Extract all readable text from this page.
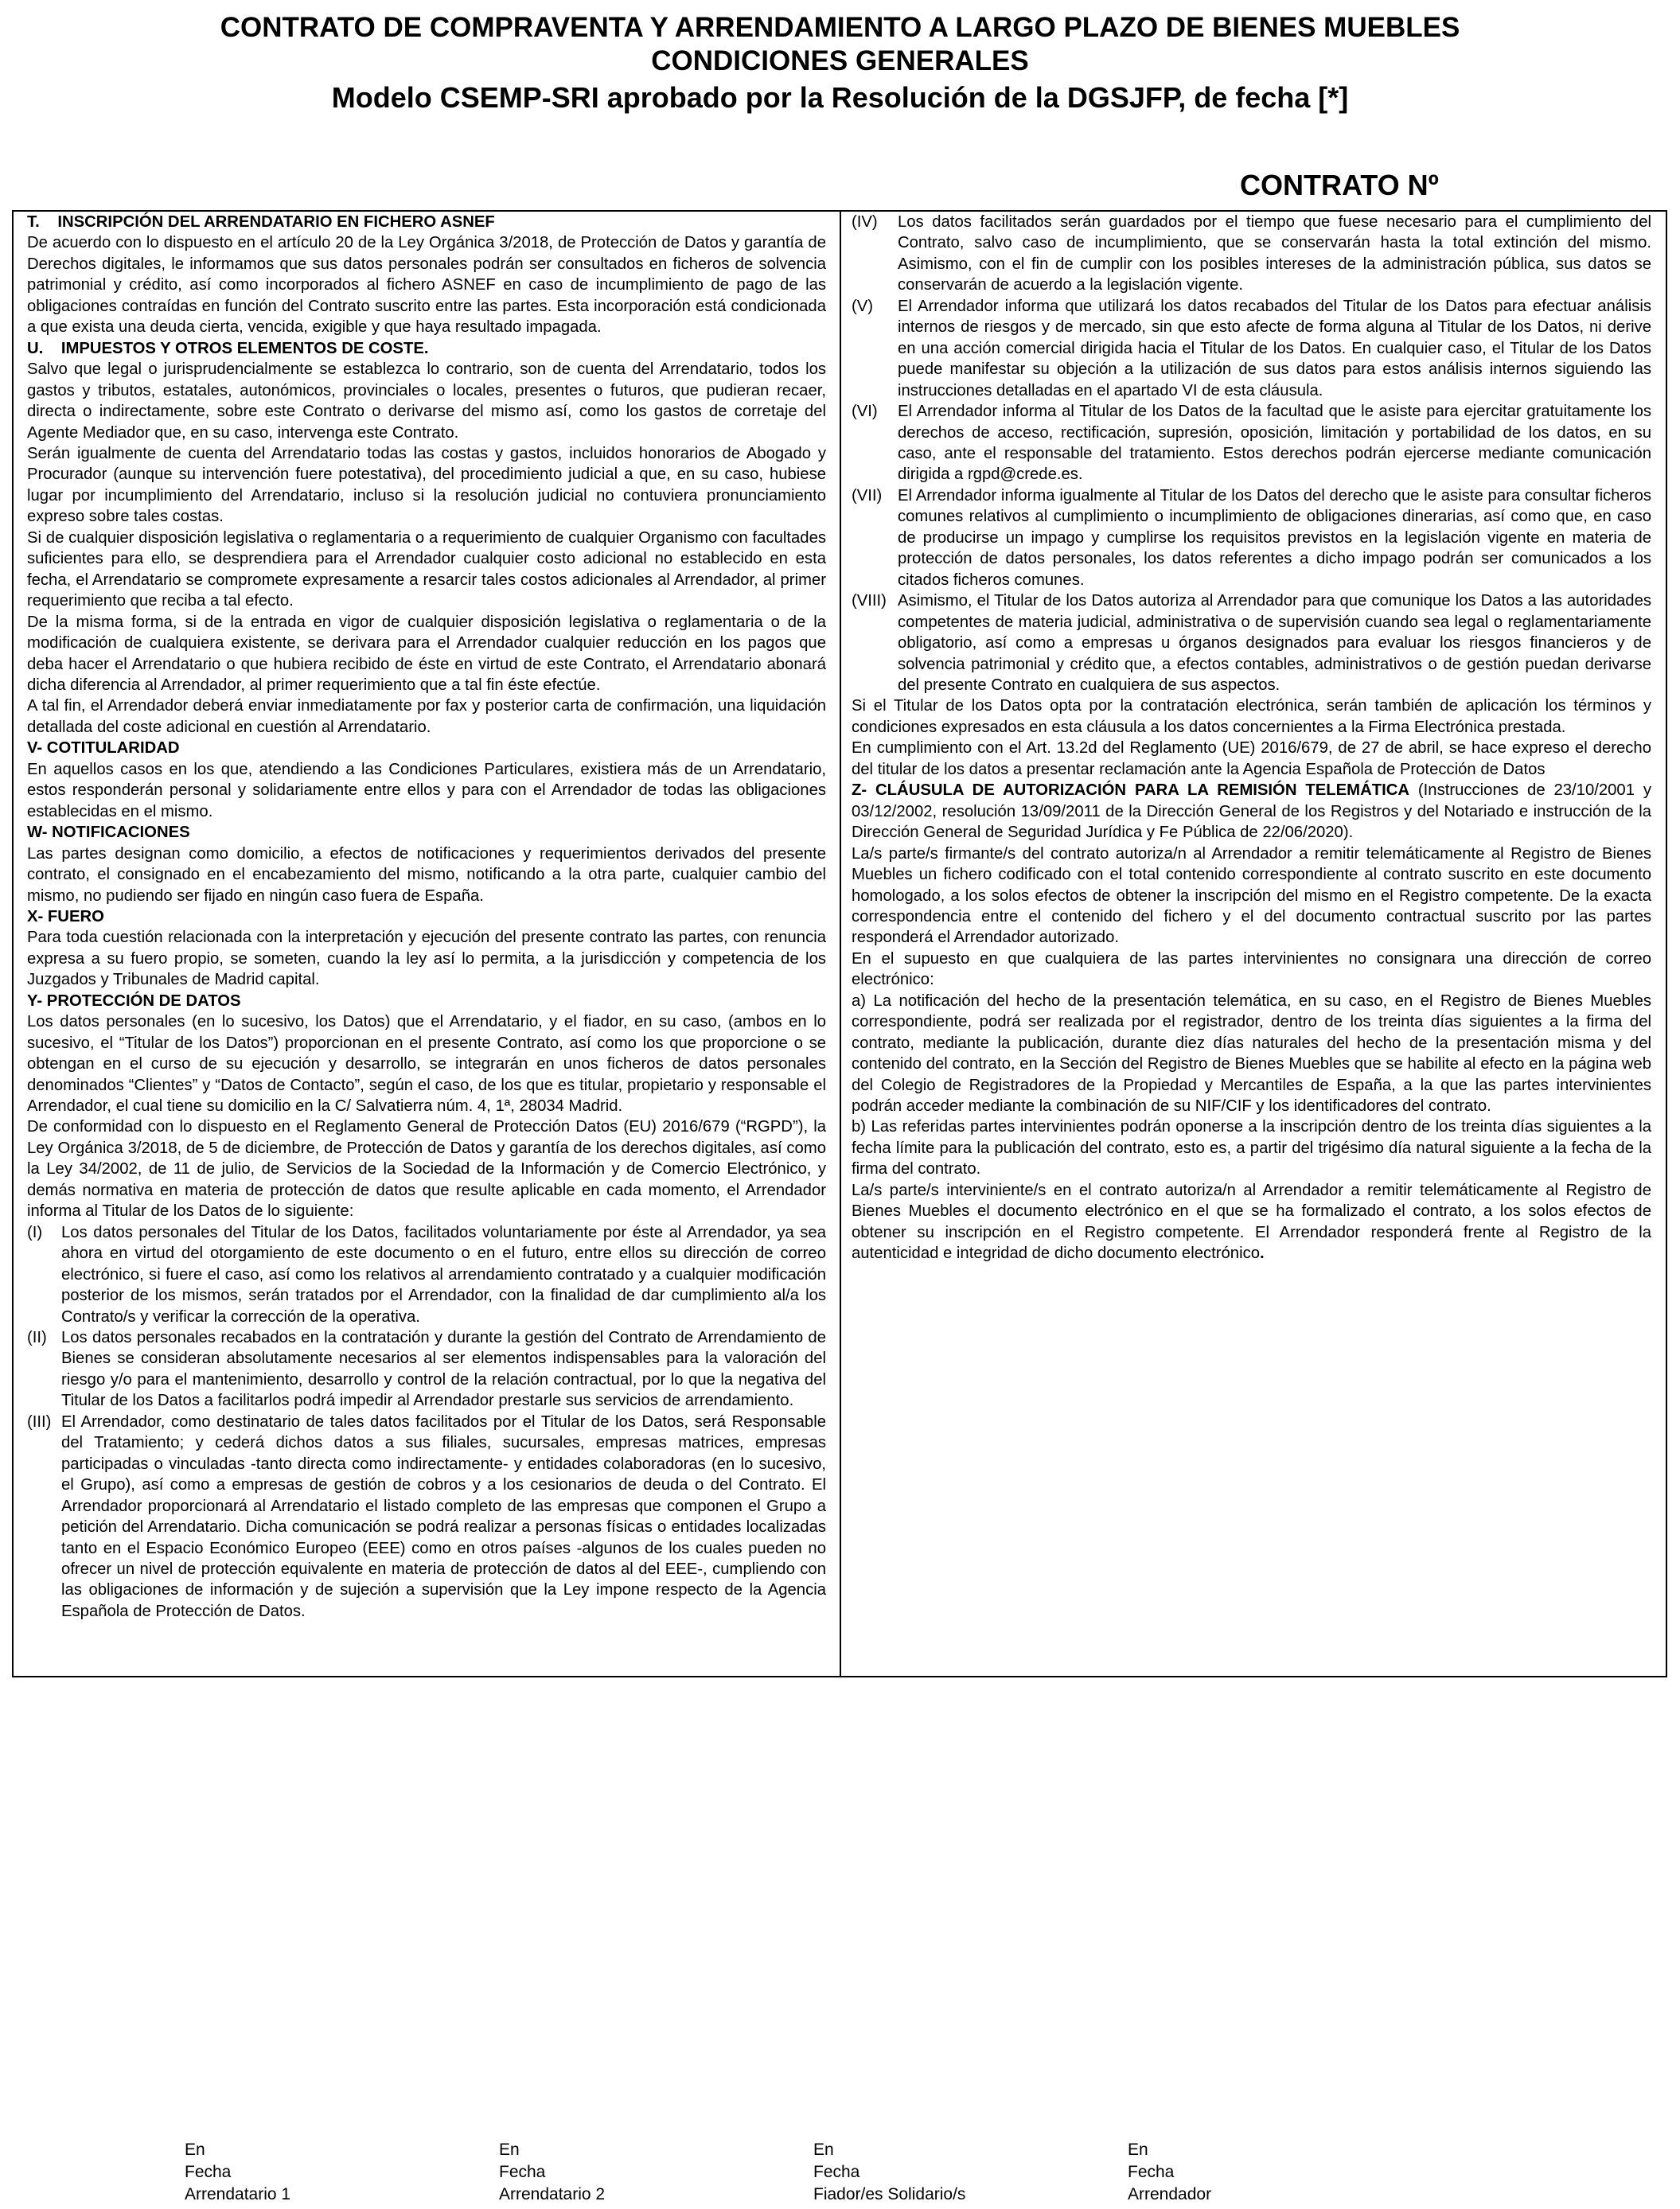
CONTRATO DE COMPRAVENTA Y ARRENDAMIENTO A LARGO PLAZO DE BIENES MUEBLES
CONDICIONES GENERALES
Modelo CSEMP-SRI aprobado por la Resolución de la DGSJFP, de fecha [*]
CONTRATO Nº

T. INSCRIPCIÓN DEL ARRENDATARIO EN FICHERO ASNEF

De acuerdo con lo dispuesto en el artículo 20 de la Ley Orgánica 3/2018, de Protección de Datos y garantía de Derechos digitales, le informamos que sus datos personales podrán ser consultados en ficheros de solvencia patrimonial y crédito, así como incorporados al fichero ASNEF en caso de incumplimiento de pago de las obligaciones contraídas en función del Contrato suscrito entre las partes. Esta incorporación está condicionada a que exista una deuda cierta, vencida, exigible y que haya resultado impagada.

U. IMPUESTOS Y OTROS ELEMENTOS DE COSTE.

Salvo que legal o jurisprudencialmente se establezca lo contrario, son de cuenta del Arrendatario, todos los gastos y tributos, estatales, autonómicos, provinciales o locales, presentes o futuros, que pudieran recaer, directa o indirectamente, sobre este Contrato o derivarse del mismo así, como los gastos de corretaje del Agente Mediador que, en su caso, intervenga este Contrato.

Serán igualmente de cuenta del Arrendatario todas las costas y gastos, incluidos honorarios de Abogado y Procurador (aunque su intervención fuere potestativa), del procedimiento judicial a que, en su caso, hubiese lugar por incumplimiento del Arrendatario, incluso si la resolución judicial no contuviera pronunciamiento expreso sobre tales costas.

Si de cualquier disposición legislativa o reglamentaria o a requerimiento de cualquier Organismo con facultades suficientes para ello, se desprendiera para el Arrendador cualquier costo adicional no establecido en esta fecha, el Arrendatario se compromete expresamente a resarcir tales costos adicionales al Arrendador, al primer requerimiento que reciba a tal efecto.

De la misma forma, si de la entrada en vigor de cualquier disposición legislativa o reglamentaria o de la modificación de cualquiera existente, se derivara para el Arrendador cualquier reducción en los pagos que deba hacer el Arrendatario o que hubiera recibido de éste en virtud de este Contrato, el Arrendatario abonará dicha diferencia al Arrendador, al primer requerimiento que a tal fin éste efectúe.

A tal fin, el Arrendador deberá enviar inmediatamente por fax y posterior carta de confirmación, una liquidación detallada del coste adicional en cuestión al Arrendatario.

V- COTITULARIDAD

En aquellos casos en los que, atendiendo a las Condiciones Particulares, existiera más de un Arrendatario, estos responderán personal y solidariamente entre ellos y para con el Arrendador de todas las obligaciones establecidas en el mismo.

W- NOTIFICACIONES

Las partes designan como domicilio, a efectos de notificaciones y requerimientos derivados del presente contrato, el consignado en el encabezamiento del mismo, notificando a la otra parte, cualquier cambio del mismo, no pudiendo ser fijado en ningún caso fuera de España.

X- FUERO

Para toda cuestión relacionada con la interpretación y ejecución del presente contrato las partes, con renuncia expresa a su fuero propio, se someten, cuando la ley así lo permita, a la jurisdicción y competencia de los Juzgados y Tribunales de Madrid capital.

Y- PROTECCIÓN DE DATOS

Los datos personales (en lo sucesivo, los Datos) que el Arrendatario, y el fiador, en su caso, (ambos en lo sucesivo, el “Titular de los Datos”) proporcionan en el presente Contrato, así como los que proporcione o se obtengan en el curso de su ejecución y desarrollo, se integrarán en unos ficheros de datos personales denominados “Clientes” y “Datos de Contacto”, según el caso, de los que es titular, propietario y responsable el Arrendador, el cual tiene su domicilio en la C/ Salvatierra núm. 4, 1ª, 28034 Madrid.

De conformidad con lo dispuesto en el Reglamento General de Protección Datos (EU) 2016/679 (“RGPD”), la Ley Orgánica 3/2018, de 5 de diciembre, de Protección de Datos y garantía de los derechos digitales, así como la Ley 34/2002, de 11 de julio, de Servicios de la Sociedad de la Información y de Comercio Electrónico, y demás normativa en materia de protección de datos que resulte aplicable en cada momento, el Arrendador informa al Titular de los Datos de lo siguiente:

(I)	Los datos personales del Titular de los Datos, facilitados voluntariamente por éste al Arrendador, ya sea ahora en virtud del otorgamiento de este documento o en el futuro, entre ellos su dirección de correo electrónico, si fuere el caso, así como los relativos al arrendamiento contratado y a cualquier modificación posterior de los mismos, serán tratados por el Arrendador, con la finalidad de dar cumplimiento al/a los Contrato/s y verificar la corrección de la operativa.
(II) Los datos personales recabados en la contratación y durante la gestión del Contrato de Arrendamiento de Bienes se consideran absolutamente necesarios al ser elementos indispensables para la valoración del riesgo y/o para el mantenimiento, desarrollo y control de la relación contractual, por lo que la negativa del Titular de los Datos a facilitarlos podrá impedir al Arrendador prestarle sus servicios de arrendamiento.
(III) El Arrendador, como destinatario de tales datos facilitados por el Titular de los Datos, será Responsable del Tratamiento; y cederá dichos datos a sus filiales, sucursales, empresas matrices, empresas participadas o vinculadas -tanto directa como indirectamente- y entidades colaboradoras (en lo sucesivo, el Grupo), así como a empresas de gestión de cobros y a los cesionarios de deuda o del Contrato. El Arrendador proporcionará al Arrendatario el listado completo de las empresas que componen el Grupo a petición del Arrendatario. Dicha comunicación se podrá realizar a personas físicas o entidades localizadas tanto en el Espacio Económico Europeo (EEE) como en otros países -algunos de los cuales pueden no ofrecer un nivel de protección equivalente en materia de protección de datos al del EEE-, cumpliendo con las obligaciones de información y de sujeción a supervisión que la Ley impone respecto de la Agencia Española de Protección de Datos.
(IV)	Los datos facilitados serán guardados por el tiempo que fuese necesario para el cumplimiento del Contrato, salvo caso de incumplimiento, que se conservarán hasta la total extinción del mismo. Asimismo, con el fin de cumplir con los posibles intereses de la administración pública, sus datos se conservarán de acuerdo a la legislación vigente.
(V)	El Arrendador informa que utilizará los datos recabados del Titular de los Datos para efectuar análisis internos de riesgos y de mercado, sin que esto afecte de forma alguna al Titular de los Datos, ni derive en una acción comercial dirigida hacia el Titular de los Datos. En cualquier caso, el Titular de los Datos puede manifestar su objeción a la utilización de sus datos para estos análisis internos siguiendo las instrucciones detalladas en el apartado VI de esta cláusula.
(VI)	El Arrendador informa al Titular de los Datos de la facultad que le asiste para ejercitar gratuitamente los derechos de acceso, rectificación, supresión, oposición, limitación y portabilidad de los datos, en su caso, ante el responsable del tratamiento. Estos derechos podrán ejercerse mediante comunicación dirigida a rgpd@crede.es.
(VII) El Arrendador informa igualmente al Titular de los Datos del derecho que le asiste para consultar ficheros comunes relativos al cumplimiento o incumplimiento de obligaciones dinerarias, así como que, en caso de producirse un impago y cumplirse los requisitos previstos en la legislación vigente en materia de protección de datos personales, los datos referentes a dicho impago podrán ser comunicados a los citados ficheros comunes.
(VIII) Asimismo, el Titular de los Datos autoriza al Arrendador para que comunique los Datos a las autoridades competentes de materia judicial, administrativa o de supervisión cuando sea legal o reglamentariamente obligatorio, así como a empresas u órganos designados para evaluar los riesgos financieros y de solvencia patrimonial y crédito que, a efectos contables, administrativos o de gestión puedan derivarse del presente Contrato en cualquiera de sus aspectos.

Si el Titular de los Datos opta por la contratación electrónica, serán también de aplicación los términos y condiciones expresados en esta cláusula a los datos concernientes a la Firma Electrónica prestada.

En cumplimiento con el Art. 13.2d del Reglamento (UE) 2016/679, de 27 de abril, se hace expreso el derecho del titular de los datos a presentar reclamación ante la Agencia Española de Protección de Datos

Z- CLÁUSULA DE AUTORIZACIÓN PARA LA REMISIÓN TELEMÁTICA (Instrucciones de 23/10/2001 y 03/12/2002, resolución 13/09/2011 de la Dirección General de los Registros y del Notariado e instrucción de la Dirección General de Seguridad Jurídica y Fe Pública de 22/06/2020).

La/s parte/s firmante/s del contrato autoriza/n al Arrendador a remitir telemáticamente al Registro de Bienes Muebles un fichero codificado con el total contenido correspondiente al contrato suscrito en este documento homologado, a los solos efectos de obtener la inscripción del mismo en el Registro competente. De la exacta correspondencia entre el contenido del fichero y el del documento contractual suscrito por las partes responderá el Arrendador autorizado.

En el supuesto en que cualquiera de las partes intervinientes no consignara una dirección de correo electrónico:

a) La notificación del hecho de la presentación telemática, en su caso, en el Registro de Bienes Muebles correspondiente, podrá ser realizada por el registrador, dentro de los treinta días siguientes a la firma del contrato, mediante la publicación, durante diez días naturales del hecho de la presentación misma y del contenido del contrato, en la Sección del Registro de Bienes Muebles que se habilite al efecto en la página web del Colegio de Registradores de la Propiedad y Mercantiles de España, a la que las partes intervinientes podrán acceder mediante la combinación de su NIF/CIF y los identificadores del contrato.

b) Las referidas partes intervinientes podrán oponerse a la inscripción dentro de los treinta días siguientes a la fecha límite para la publicación del contrato, esto es, a partir del trigésimo día natural siguiente a la fecha de la firma del contrato.

La/s parte/s interviniente/s en el contrato autoriza/n al Arrendador a remitir telemáticamente al Registro de Bienes Muebles el documento electrónico en el que se ha formalizado el contrato, a los solos efectos de obtener su inscripción en el Registro competente. El Arrendador responderá frente al Registro de la autenticidad e integridad de dicho documento electrónico.

En
Fecha
Arrendatario 1
En
Fecha
Arrendatario 2
En
Fecha
Fiador/es Solidario/s
En
Fecha
Arrendador
